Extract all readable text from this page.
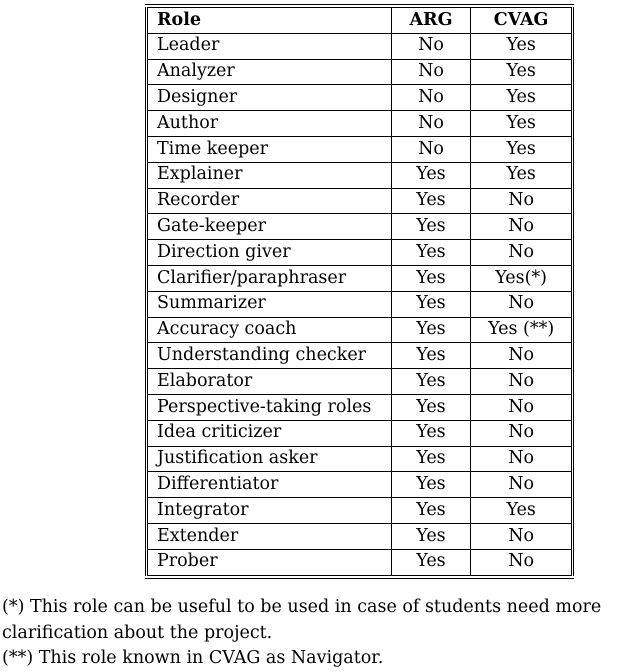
Role	ARG	CVAG
Leader	No	Yes
Analyzer	No	Yes
Designer	No	Yes
Author	No	Yes
Time keeper	No	Yes
Explainer	Yes	Yes
Recorder	Yes	No
Gate-keeper	Yes	No
Direction giver	Yes	No
Clarifier/paraphraser	Yes	Yes(*)
Summarizer	Yes	No
Accuracy coach	Yes	Yes (**)
Understanding checker	Yes	No
Elaborator	Yes	No
Perspective-taking roles	Yes	No
Idea criticizer	Yes	No
Justification asker	Yes	No
Differentiator	Yes	No
Integrator	Yes	Yes
Extender	Yes	No
Prober	Yes	No

(*) This role can be useful to be used in case of students need more

clarification about the project.

(**) This role known in CVAG as Navigator.
